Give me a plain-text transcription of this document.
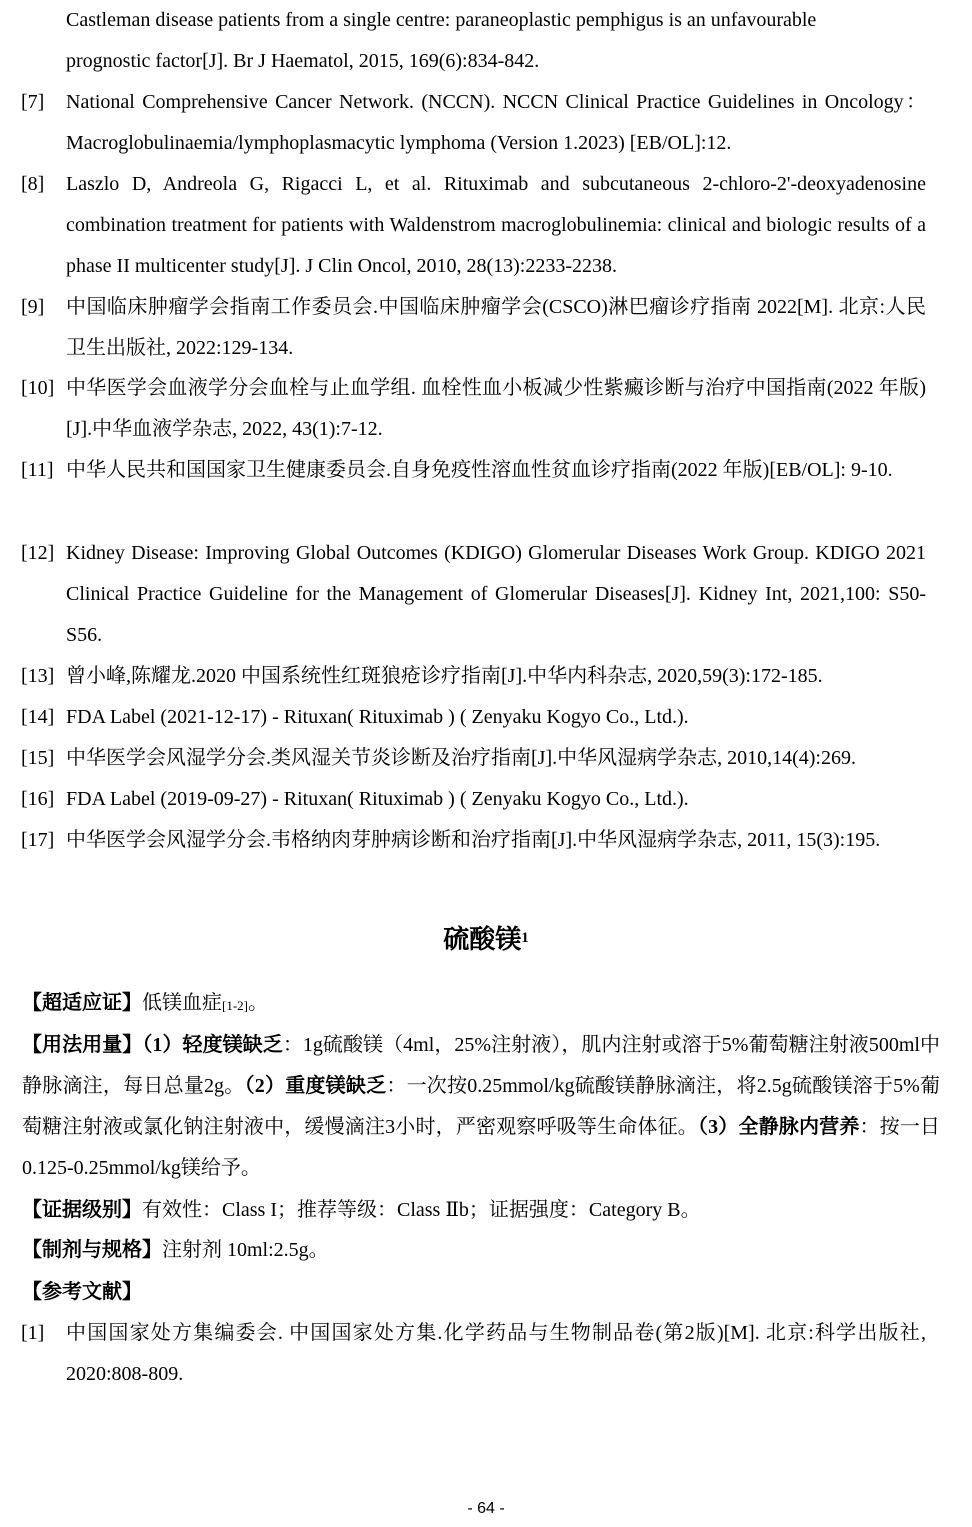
Castleman disease patients from a single centre: paraneoplastic pemphigus is an unfavourable
prognostic factor[J]. Br J Haematol, 2015, 169(6):834-842.
[7] National Comprehensive Cancer Network. (NCCN). NCCN Clinical Practice Guidelines in Oncology：Macroglobulinaemia/lymphoplasmacytic lymphoma (Version 1.2023) [EB/OL]:12.
[8] Laszlo D, Andreola G, Rigacci L, et al. Rituximab and subcutaneous 2-chloro-2'-deoxyadenosine combination treatment for patients with Waldenstrom macroglobulinemia: clinical and biologic results of a phase II multicenter study[J]. J Clin Oncol, 2010, 28(13):2233-2238.
[9] 中国临床肿瘤学会指南工作委员会.中国临床肿瘤学会(CSCO)淋巴瘤诊疗指南 2022[M]. 北京:人民卫生出版社, 2022:129-134.
[10] 中华医学会血液学分会血栓与止血学组. 血栓性血小板减少性紫癜诊断与治疗中国指南(2022 年版)[J].中华血液学杂志, 2022, 43(1):7-12.
[11] 中华人民共和国国家卫生健康委员会.自身免疫性溶血性贫血诊疗指南(2022 年版)[EB/OL]: 9-10.
[12] Kidney Disease: Improving Global Outcomes (KDIGO) Glomerular Diseases Work Group. KDIGO 2021 Clinical Practice Guideline for the Management of Glomerular Diseases[J]. Kidney Int, 2021,100: S50-S56.
[13] 曾小峰,陈耀龙.2020 中国系统性红斑狼疮诊疗指南[J].中华内科杂志, 2020,59(3):172-185.
[14] FDA Label (2021-12-17) - Rituxan( Rituximab ) ( Zenyaku Kogyo Co., Ltd.).
[15] 中华医学会风湿学分会.类风湿关节炎诊断及治疗指南[J].中华风湿病学杂志, 2010,14(4):269.
[16] FDA Label (2019-09-27) - Rituxan( Rituximab ) ( Zenyaku Kogyo Co., Ltd.).
[17] 中华医学会风湿学分会.韦格纳肉芽肿病诊断和治疗指南[J].中华风湿病学杂志, 2011, 15(3):195.
硫酸镁$^1$
【超适应证】低镁血症[1-2]。
【用法用量】（1）轻度镁缺乏：1g硫酸镁（4ml，25%注射液），肌内注射或溶于5%葡萄糖注射液500ml中静脉滴注，每日总量2g。（2）重度镁缺乏：一次按0.25mmol/kg硫酸镁静脉滴注，将2.5g硫酸镁溶于5%葡萄糖注射液或氯化钠注射液中，缓慢滴注3小时，严密观察呼吸等生命体征。（3）全静脉内营养：按一日0.125-0.25mmol/kg镁给予。
【证据级别】有效性：Class I；推荐等级：Class Ⅱb；证据强度：Category B。
【制剂与规格】注射剂 10ml:2.5g。
【参考文献】
[1] 中国国家处方集编委会. 中国国家处方集.化学药品与生物制品卷(第2版)[M]. 北京:科学出版社, 2020:808-809.
- 64 -
